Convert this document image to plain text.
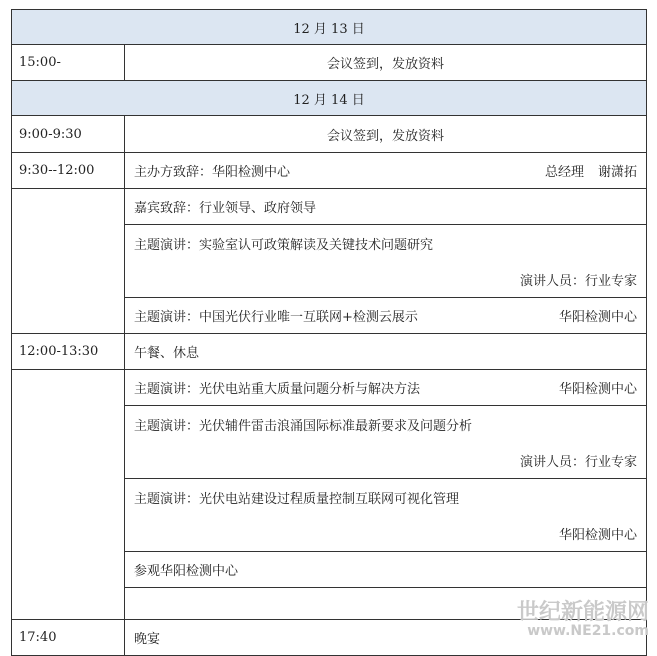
12 月 13 日	
15:00-	会议签到，发放资料
12 月 14 日	
9:00-9:30	会议签到，发放资料
9:30--12:00	主办方致辞：华阳检测中心 总经理 谢潇拓

	嘉宾致辞：行业领导、政府领导

	主题演讲：实验室认可政策解读及关键技术问题研究
演讲人员：行业专家

	主题演讲：中国光伏行业唯一互联网+检测云展示 华阳检测中心

12:00-13:30	午餐、休息

	主题演讲：光伏电站重大质量问题分析与解决方法 华阳检测中心

	主题演讲：光伏辅件雷击浪涌国际标准最新要求及问题分析
演讲人员：行业专家

	主题演讲：光伏电站建设过程质量控制互联网可视化管理
华阳检测中心

	参观华阳检测中心

17:40	晚宴
世纪新能源网
www.NE21.com
